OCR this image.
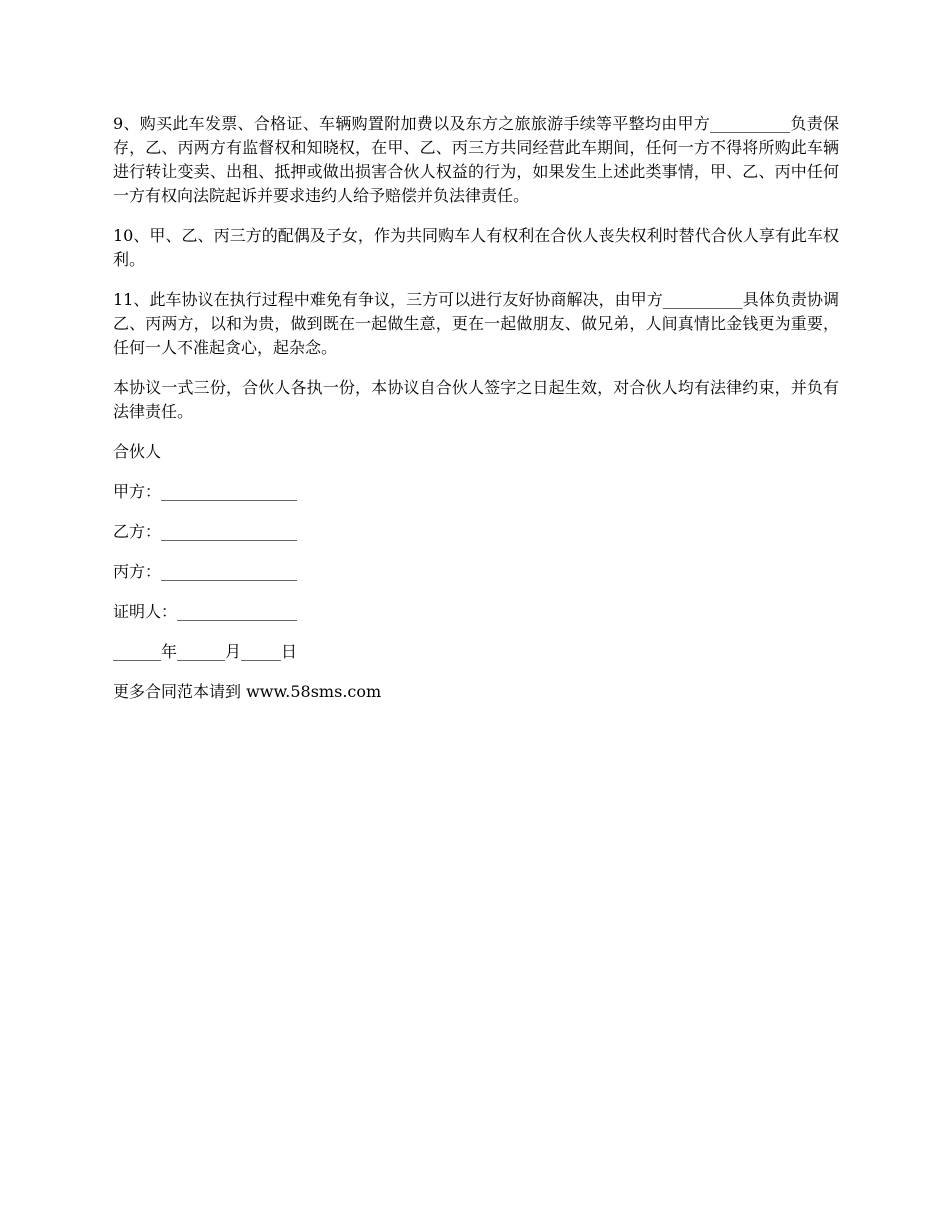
9、购买此车发票、合格证、车辆购置附加费以及东方之旅旅游手续等平整均由甲方__________负责保存，乙、丙两方有监督权和知晓权，在甲、乙、丙三方共同经营此车期间，任何一方不得将所购此车辆进行转让变卖、出租、抵押或做出损害合伙人权益的行为，如果发生上述此类事情，甲、乙、丙中任何一方有权向法院起诉并要求违约人给予赔偿并负法律责任。

10、甲、乙、丙三方的配偶及子女，作为共同购车人有权利在合伙人丧失权利时替代合伙人享有此车权利。

11、此车协议在执行过程中难免有争议，三方可以进行友好协商解决，由甲方__________具体负责协调乙、丙两方，以和为贵，做到既在一起做生意，更在一起做朋友、做兄弟，人间真情比金钱更为重要，任何一人不准起贪心，起杂念。

本协议一式三份，合伙人各执一份，本协议自合伙人签字之日起生效，对合伙人均有法律约束，并负有法律责任。

合伙人
甲方：_________________
乙方：_________________
丙方：_________________
证明人：_______________
______年______月_____日
更多合同范本请到 www.58sms.com
